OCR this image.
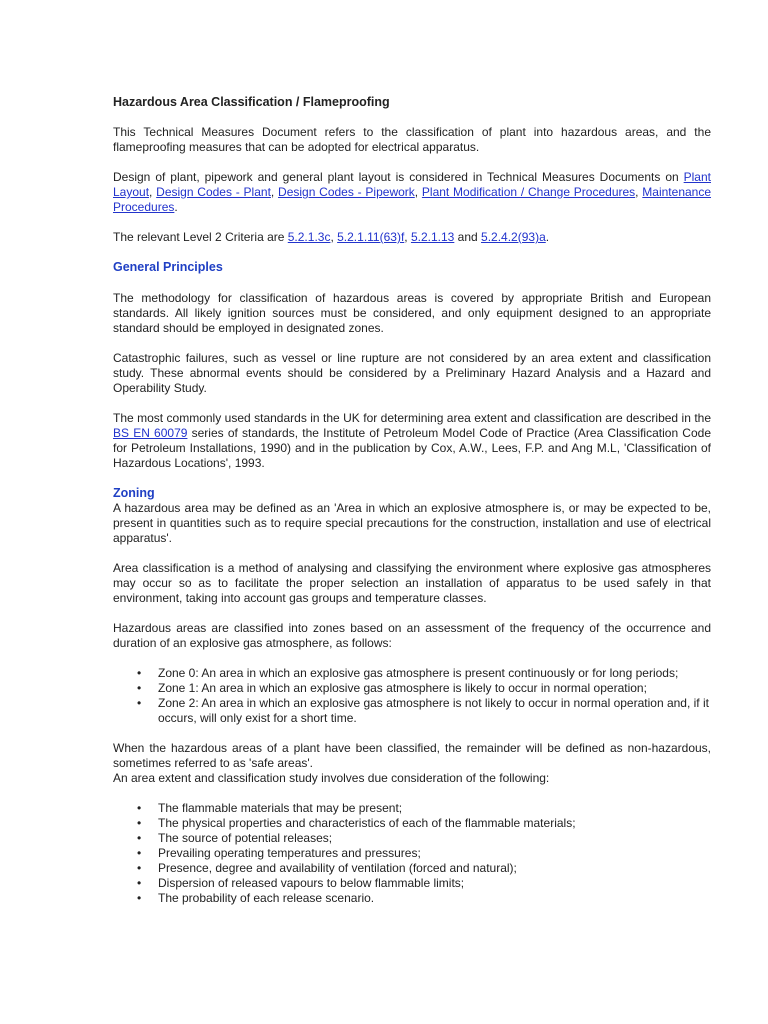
Hazardous Area Classification / Flameproofing

This Technical Measures Document refers to the classification of plant into hazardous areas, and the flameproofing measures that can be adopted for electrical apparatus.

Design of plant, pipework and general plant layout is considered in Technical Measures Documents on Plant Layout, Design Codes - Plant, Design Codes - Pipework, Plant Modification / Change Procedures, Maintenance Procedures.

The relevant Level 2 Criteria are 5.2.1.3c, 5.2.1.11(63)f, 5.2.1.13 and 5.2.4.2(93)a.

General Principles

The methodology for classification of hazardous areas is covered by appropriate British and European standards. All likely ignition sources must be considered, and only equipment designed to an appropriate standard should be employed in designated zones.

Catastrophic failures, such as vessel or line rupture are not considered by an area extent and classification study. These abnormal events should be considered by a Preliminary Hazard Analysis and a Hazard and Operability Study.

The most commonly used standards in the UK for determining area extent and classification are described in the BS EN 60079 series of standards, the Institute of Petroleum Model Code of Practice (Area Classification Code for Petroleum Installations, 1990) and in the publication by Cox, A.W., Lees, F.P. and Ang M.L, 'Classification of Hazardous Locations', 1993.

Zoning

A hazardous area may be defined as an 'Area in which an explosive atmosphere is, or may be expected to be, present in quantities such as to require special precautions for the construction, installation and use of electrical apparatus'.

Area classification is a method of analysing and classifying the environment where explosive gas atmospheres may occur so as to facilitate the proper selection an installation of apparatus to be used safely in that environment, taking into account gas groups and temperature classes.

Hazardous areas are classified into zones based on an assessment of the frequency of the occurrence and duration of an explosive gas atmosphere, as follows:

• Zone 0: An area in which an explosive gas atmosphere is present continuously or for long periods;
• Zone 1: An area in which an explosive gas atmosphere is likely to occur in normal operation;
• Zone 2: An area in which an explosive gas atmosphere is not likely to occur in normal operation and, if it occurs, will only exist for a short time.

When the hazardous areas of a plant have been classified, the remainder will be defined as non-hazardous, sometimes referred to as 'safe areas'.

An area extent and classification study involves due consideration of the following:

• The flammable materials that may be present;
• The physical properties and characteristics of each of the flammable materials;
• The source of potential releases;
• Prevailing operating temperatures and pressures;
• Presence, degree and availability of ventilation (forced and natural);
• Dispersion of released vapours to below flammable limits;
• The probability of each release scenario.
